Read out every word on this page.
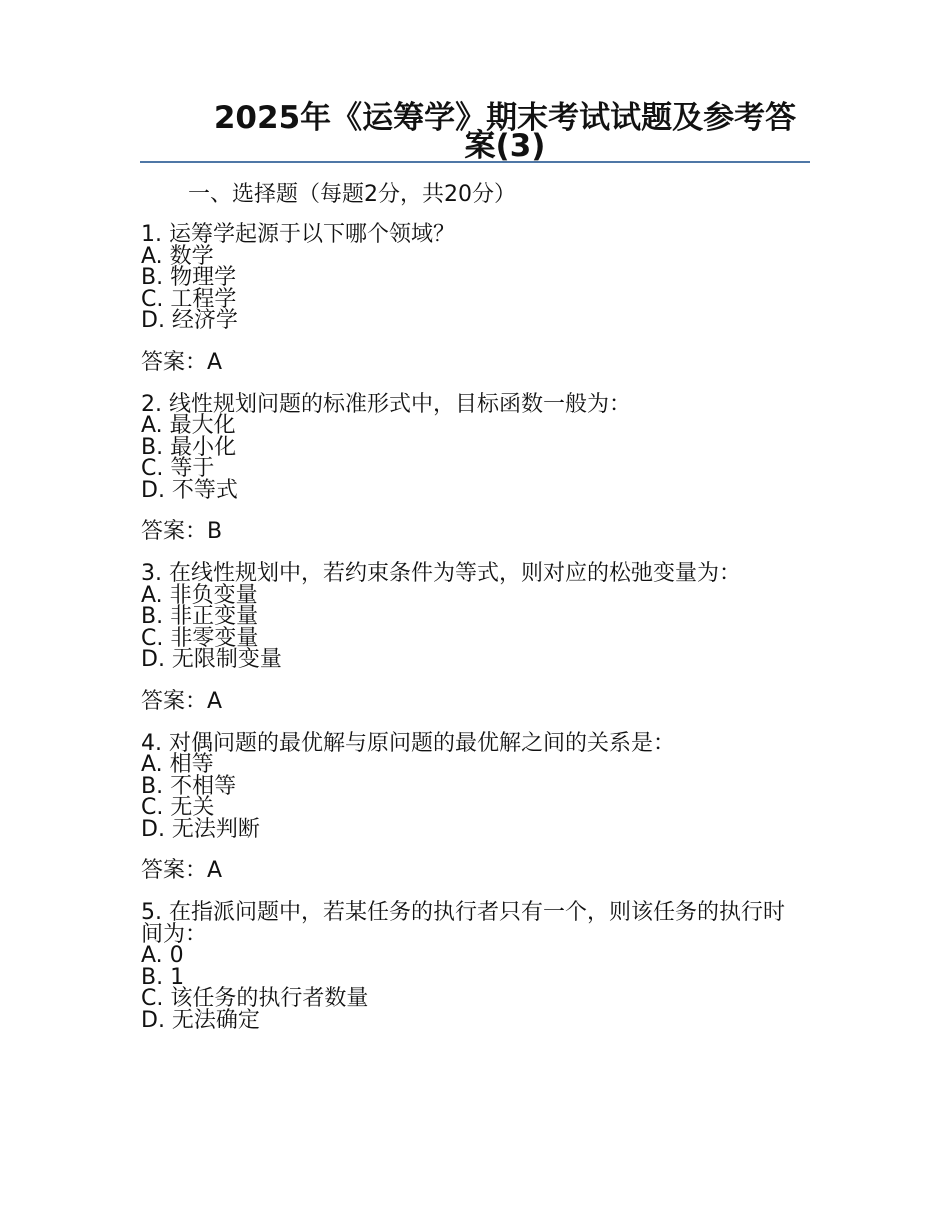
2025年《运筹学》期末考试试题及参考答案(3)

一、选择题（每题2分，共20分）

1. 运筹学起源于以下哪个领域？

A. 数学
B. 物理学
C. 工程学
D. 经济学

答案：A

2. 线性规划问题的标准形式中，目标函数一般为：

A. 最大化
B. 最小化
C. 等于
D. 不等式

答案：B

3. 在线性规划中，若约束条件为等式，则对应的松弛变量为：

A. 非负变量
B. 非正变量
C. 非零变量
D. 无限制变量

答案：A

4. 对偶问题的最优解与原问题的最优解之间的关系是：

A. 相等
B. 不相等
C. 无关
D. 无法判断

答案：A

5. 在指派问题中，若某任务的执行者只有一个，则该任务的执行时间为：

A. 0
B. 1
C. 该任务的执行者数量
D. 无法确定
